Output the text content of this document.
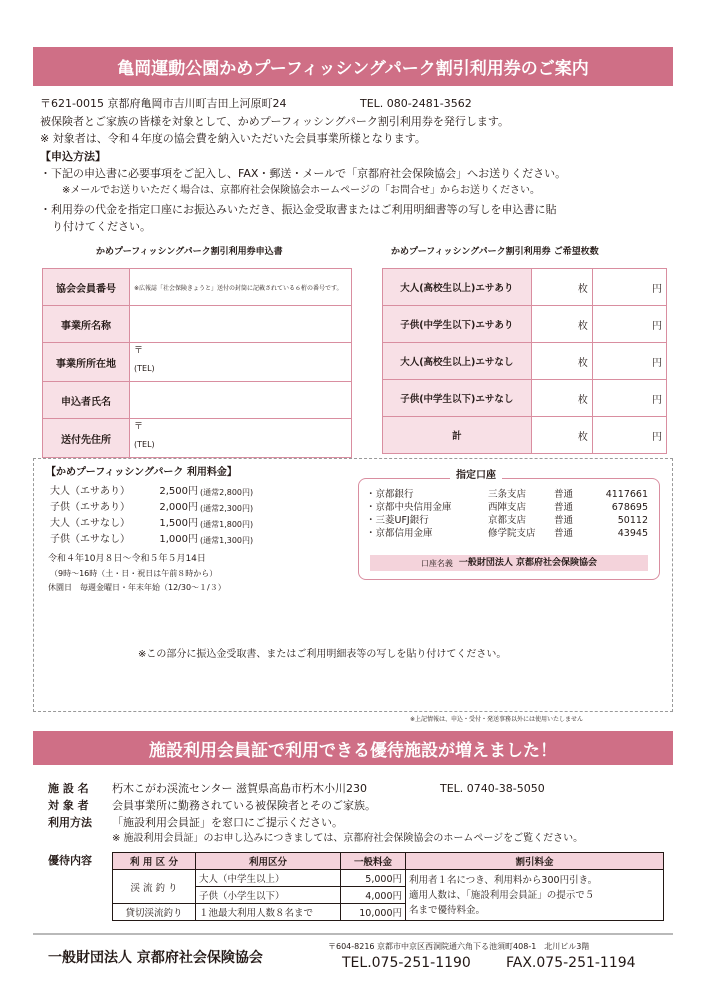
亀岡運動公園かめプーフィッシングパーク割引利用券のご案内
〒621-0015 京都府亀岡市吉川町吉田上河原町24	TEL. 080-2481-3562
被保険者とご家族の皆様を対象として、かめプーフィッシングパーク割引利用券を発行します。
※ 対象者は、令和４年度の協会費を納入いただいた会員事業所様となります。
【申込方法】
・下記の申込書に必要事項をご記入し、FAX・郵送・メールで「京都府社会保険協会」へお送りください。
※メールでお送りいただく場合は、京都府社会保険協会ホームページの「お問合せ」からお送りください。
・利用券の代金を指定口座にお振込みいただき、振込金受取書またはご利用明細書等の写しを申込書に貼
り付けてください。
かめプーフィッシングパーク割引利用券申込書	かめプーフィッシングパーク割引利用券 ご希望枚数
協会会員番号	※広報誌「社会保険きょうと」送付の封筒に記載されている６桁の番号です。
事業所名称	
事業所所在地	〒
(TEL)

申込者氏名	
送付先住所	〒
(TEL)
大人(高校生以上)エサあり	枚	円
子供(中学生以下)エサあり	枚	円
大人(高校生以上)エサなし	枚	円
子供(中学生以下)エサなし	枚	円
計	枚	円
【かめプーフィッシングパーク 利用料金】
大人（エサあり）	2,500円 (通常2,800円)
子供（エサあり）	2,000円 (通常2,300円)
大人（エサなし）	1,500円 (通常1,800円)
子供（エサなし）	1,000円 (通常1,300円)
令和４年10月８日～令和５年５月14日
（9時～16時（土・日・祝日は午前８時から）
休園日　毎週金曜日・年末年始（12/30～１/３）
指定口座
・京都銀行	三条支店	普通	4117661
・京都中央信用金庫	西陣支店	普通	678695
・三菱UFJ銀行	京都支店	普通	50112
・京都信用金庫	修学院支店	普通	43945
口座名義 一般財団法人 京都府社会保険協会
※この部分に振込金受取書、またはご利用明細表等の写しを貼り付けてください。
※上記情報は、申込・受付・発送事務以外には使用いたしません
施設利用会員証で利用できる優待施設が増えました！
施 設 名 朽木こがわ渓流センター 滋賀県高島市朽木小川230	TEL. 0740-38-5050
対 象 者 会員事業所に勤務されている被保険者とそのご家族。
利用方法 「施設利用会員証」を窓口にご提示ください。
※ 施設利用会員証」のお申し込みにつきましては、京都府社会保険協会のホームページをご覧ください。
優待内容	利 用 区 分	利用区分	一般料金	割引料金
渓 流 釣 り	大人（中学生以上）	5,000円	利用者１名につき、利用料から300円引き。
適用人数は、「施設利用会員証」の提示で５
名まで優待料金。

	子供（小学生以下）	4,000円	
貸切渓流釣り	１池最大利用人数８名まで	10,000円	
一般財団法人 京都府社会保険協会
〒604-8216 京都市中京区西洞院通六角下る池須町408-1　北川ビル3階
TEL.075-251-1190	FAX.075-251-1194
